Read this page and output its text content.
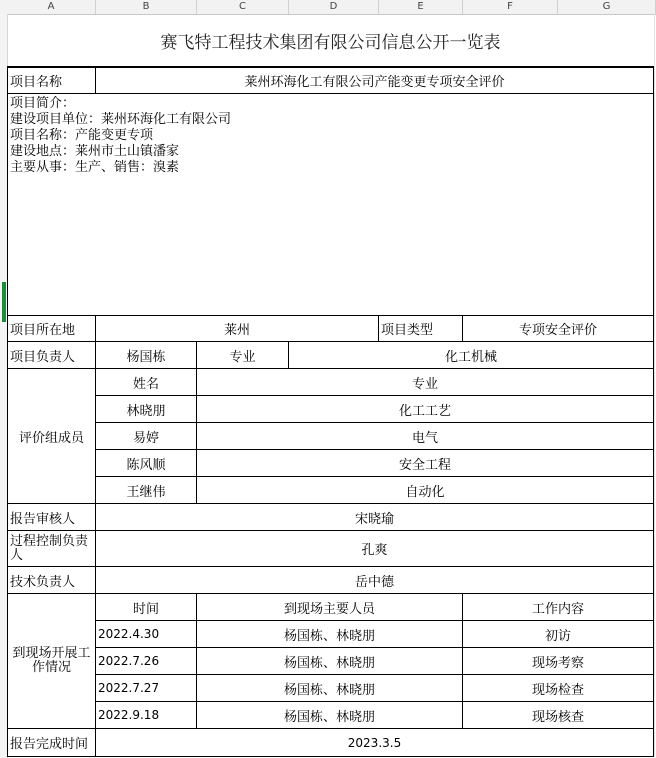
A	B	C	D	E	F	G
赛飞特工程技术集团有限公司信息公开一览表
项目名称	莱州环海化工有限公司产能变更专项安全评价
项目简介：
建设项目单位：莱州环海化工有限公司
项目名称：产能变更专项
建设地点：莱州市土山镇潘家
主要从事：生产、销售：溴素
项目所在地	莱州	项目类型	专项安全评价
项目负责人	杨国栋	专业	化工机械
评价组成员
姓名	专业
林晓朋	化工工艺
易婷	电气
陈风顺	安全工程
王继伟	自动化
报告审核人	宋晓瑜
过程控制负责人	孔爽
技术负责人	岳中德
到现场开展工作情况
时间	到现场主要人员	工作内容
2022.4.30	杨国栋、林晓朋	初访
2022.7.26	杨国栋、林晓朋	现场考察
2022.7.27	杨国栋、林晓朋	现场检查
2022.9.18	杨国栋、林晓朋	现场核查
报告完成时间	2023.3.5
